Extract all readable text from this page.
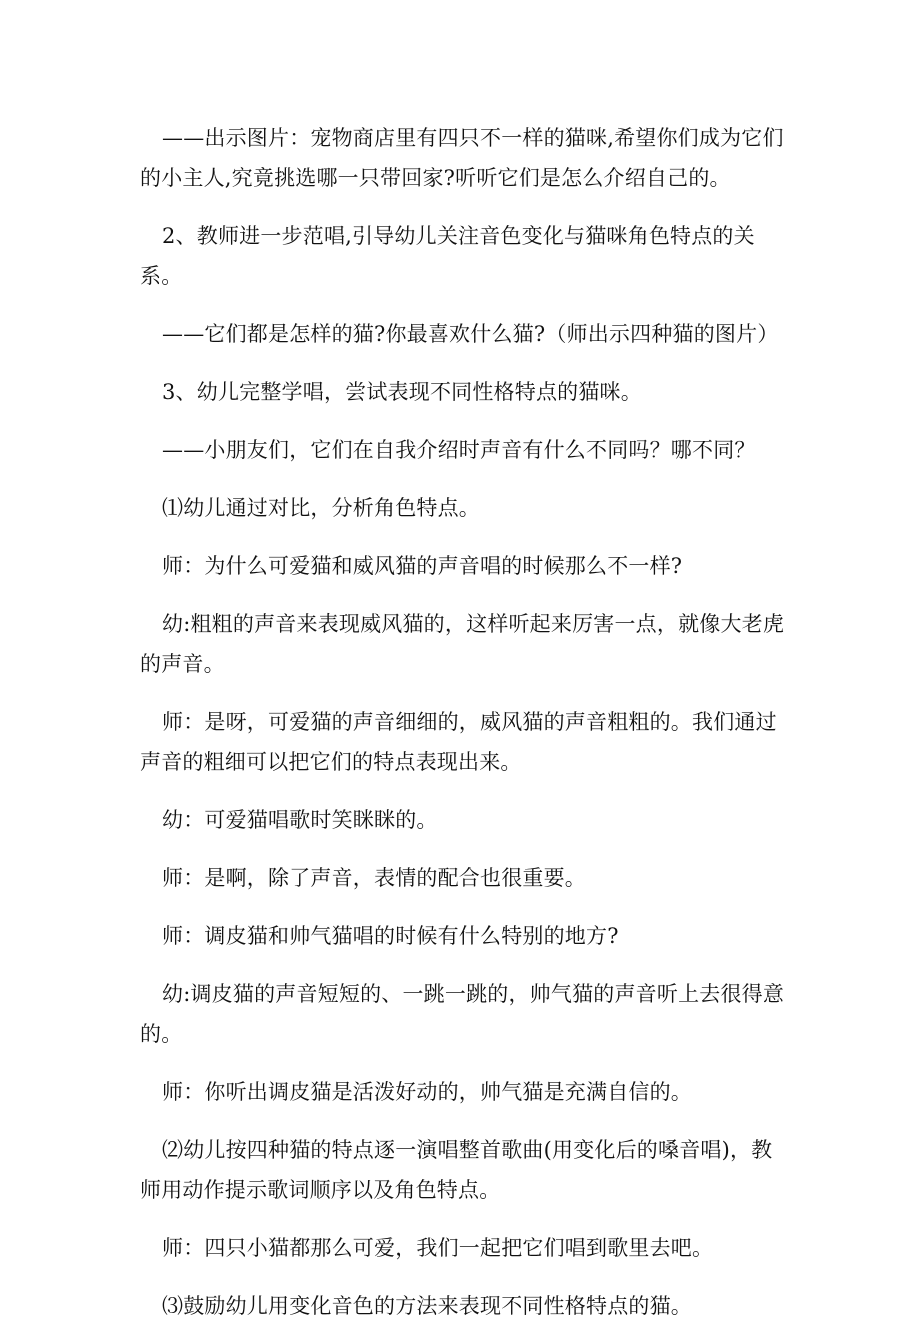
——出示图片：宠物商店里有四只不一样的猫咪,希望你们成为它们的小主人,究竟挑选哪一只带回家?听听它们是怎么介绍自己的。

2、教师进一步范唱,引导幼儿关注音色变化与猫咪角色特点的关系。

——它们都是怎样的猫?你最喜欢什么猫?（师出示四种猫的图片）

3、幼儿完整学唱，尝试表现不同性格特点的猫咪。

——小朋友们，它们在自我介绍时声音有什么不同吗？哪不同？

⑴幼儿通过对比，分析角色特点。

师：为什么可爱猫和威风猫的声音唱的时候那么不一样?

幼:粗粗的声音来表现威风猫的，这样听起来厉害一点，就像大老虎的声音。

师：是呀，可爱猫的声音细细的，威风猫的声音粗粗的。我们通过声音的粗细可以把它们的特点表现出来。

幼：可爱猫唱歌时笑眯眯的。

师：是啊，除了声音，表情的配合也很重要。

师：调皮猫和帅气猫唱的时候有什么特别的地方?

幼:调皮猫的声音短短的、一跳一跳的，帅气猫的声音听上去很得意的。

师：你听出调皮猫是活泼好动的，帅气猫是充满自信的。

⑵幼儿按四种猫的特点逐一演唱整首歌曲(用变化后的嗓音唱)，教师用动作提示歌词顺序以及角色特点。

师：四只小猫都那么可爱，我们一起把它们唱到歌里去吧。

⑶鼓励幼儿用变化音色的方法来表现不同性格特点的猫。
